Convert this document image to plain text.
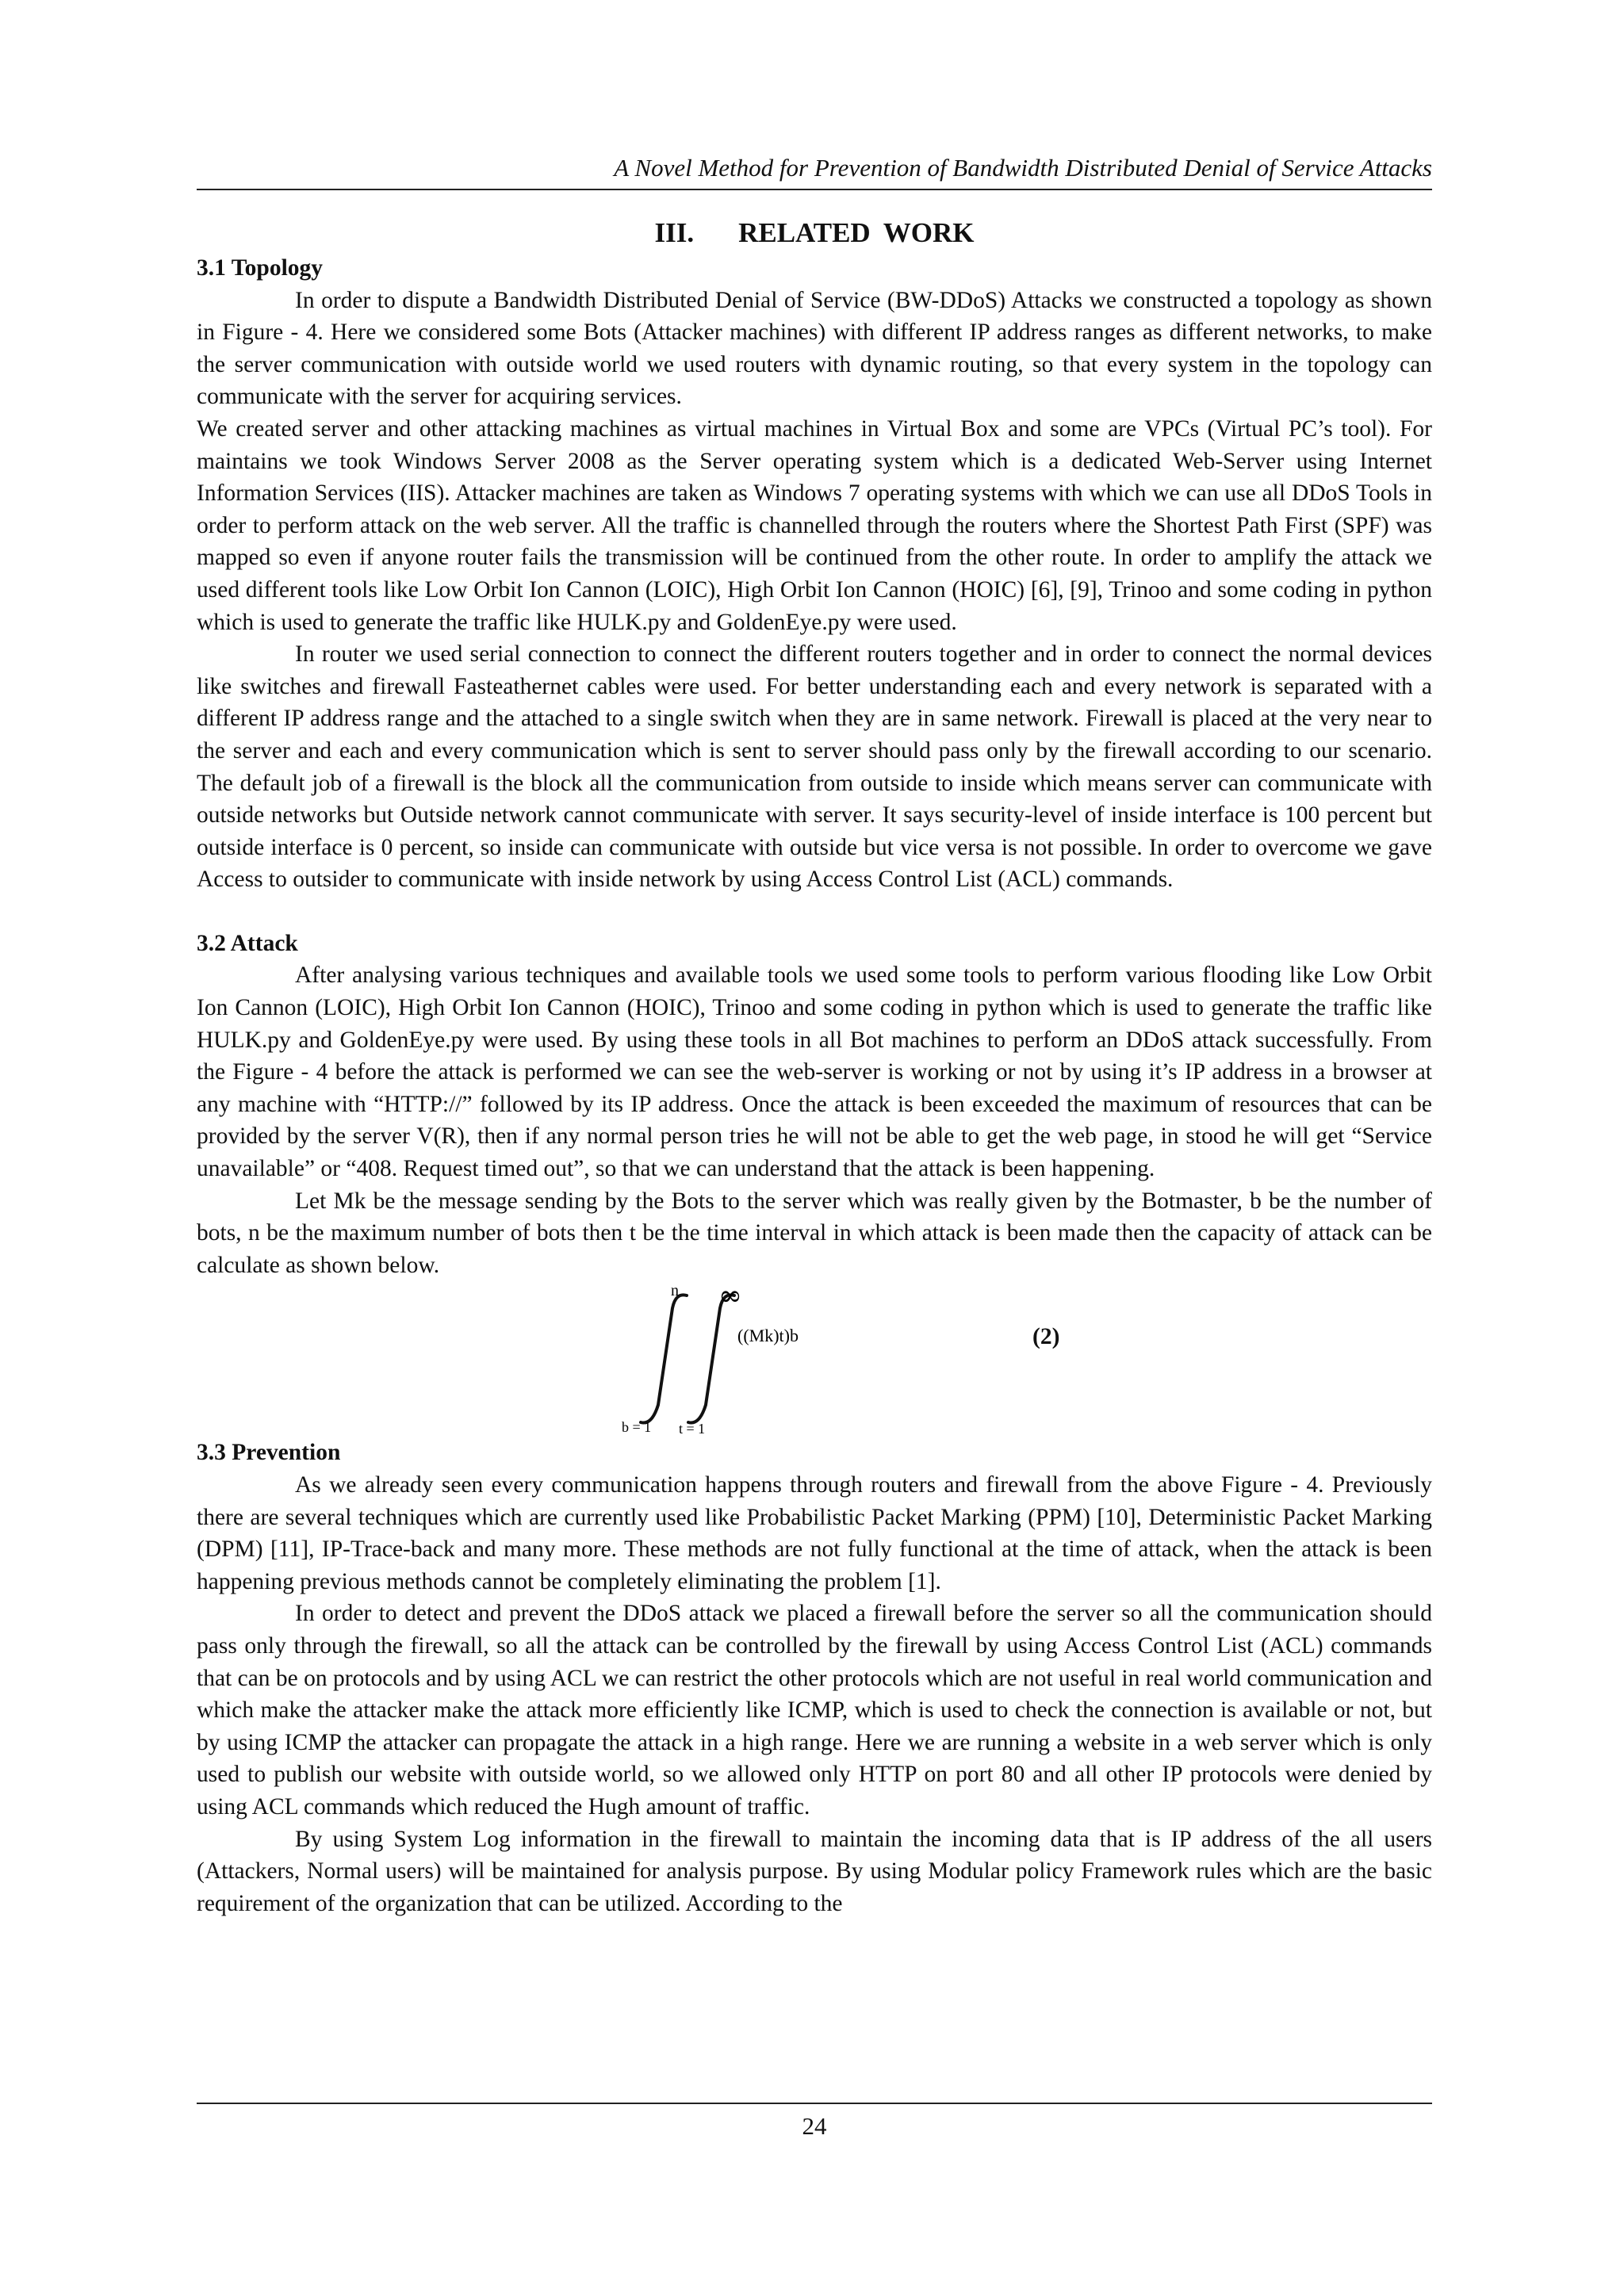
A Novel Method for Prevention of Bandwidth Distributed Denial of Service Attacks
III. RELATED WORK
3.1 Topology

In order to dispute a Bandwidth Distributed Denial of Service (BW-DDoS) Attacks we constructed a topology as shown in Figure - 4. Here we considered some Bots (Attacker machines) with different IP address ranges as different networks, to make the server communication with outside world we used routers with dynamic routing, so that every system in the topology can communicate with the server for acquiring services.

We created server and other attacking machines as virtual machines in Virtual Box and some are VPCs (Virtual PC’s tool). For maintains we took Windows Server 2008 as the Server operating system which is a dedicated Web-Server using Internet Information Services (IIS). Attacker machines are taken as Windows 7 operating systems with which we can use all DDoS Tools in order to perform attack on the web server. All the traffic is channelled through the routers where the Shortest Path First (SPF) was mapped so even if anyone router fails the transmission will be continued from the other route. In order to amplify the attack we used different tools like Low Orbit Ion Cannon (LOIC), High Orbit Ion Cannon (HOIC) [6], [9], Trinoo and some coding in python which is used to generate the traffic like HULK.py and GoldenEye.py were used.

In router we used serial connection to connect the different routers together and in order to connect the normal devices like switches and firewall Fasteathernet cables were used. For better understanding each and every network is separated with a different IP address range and the attached to a single switch when they are in same network. Firewall is placed at the very near to the server and each and every communication which is sent to server should pass only by the firewall according to our scenario. The default job of a firewall is the block all the communication from outside to inside which means server can communicate with outside networks but Outside network cannot communicate with server. It says security-level of inside interface is 100 percent but outside interface is 0 percent, so inside can communicate with outside but vice versa is not possible. In order to overcome we gave Access to outsider to communicate with inside network by using Access Control List (ACL) commands.

3.2 Attack

After analysing various techniques and available tools we used some tools to perform various flooding like Low Orbit Ion Cannon (LOIC), High Orbit Ion Cannon (HOIC), Trinoo and some coding in python which is used to generate the traffic like HULK.py and GoldenEye.py were used. By using these tools in all Bot machines to perform an DDoS attack successfully. From the Figure - 4 before the attack is performed we can see the web-server is working or not by using it’s IP address in a browser at any machine with “HTTP://” followed by its IP address. Once the attack is been exceeded the maximum of resources that can be provided by the server V(R), then if any normal person tries he will not be able to get the web page, in stood he will get “Service unavailable” or “408. Request timed out”, so that we can understand that the attack is been happening.

Let Mk be the message sending by the Bots to the server which was really given by the Botmaster, b be the number of bots, n be the maximum number of bots then t be the time interval in which attack is been made then the capacity of attack can be calculate as shown below.

n ∞
b = 1 t = 1
((Mk)t)b	(2)
3.3 Prevention

As we already seen every communication happens through routers and firewall from the above Figure - 4. Previously there are several techniques which are currently used like Probabilistic Packet Marking (PPM) [10], Deterministic Packet Marking (DPM) [11], IP-Trace-back and many more. These methods are not fully functional at the time of attack, when the attack is been happening previous methods cannot be completely eliminating the problem [1].

In order to detect and prevent the DDoS attack we placed a firewall before the server so all the communication should pass only through the firewall, so all the attack can be controlled by the firewall by using Access Control List (ACL) commands that can be on protocols and by using ACL we can restrict the other protocols which are not useful in real world communication and which make the attacker make the attack more efficiently like ICMP, which is used to check the connection is available or not, but by using ICMP the attacker can propagate the attack in a high range. Here we are running a website in a web server which is only used to publish our website with outside world, so we allowed only HTTP on port 80 and all other IP protocols were denied by using ACL commands which reduced the Hugh amount of traffic.

By using System Log information in the firewall to maintain the incoming data that is IP address of the all users (Attackers, Normal users) will be maintained for analysis purpose. By using Modular policy Framework rules which are the basic requirement of the organization that can be utilized. According to the

24
